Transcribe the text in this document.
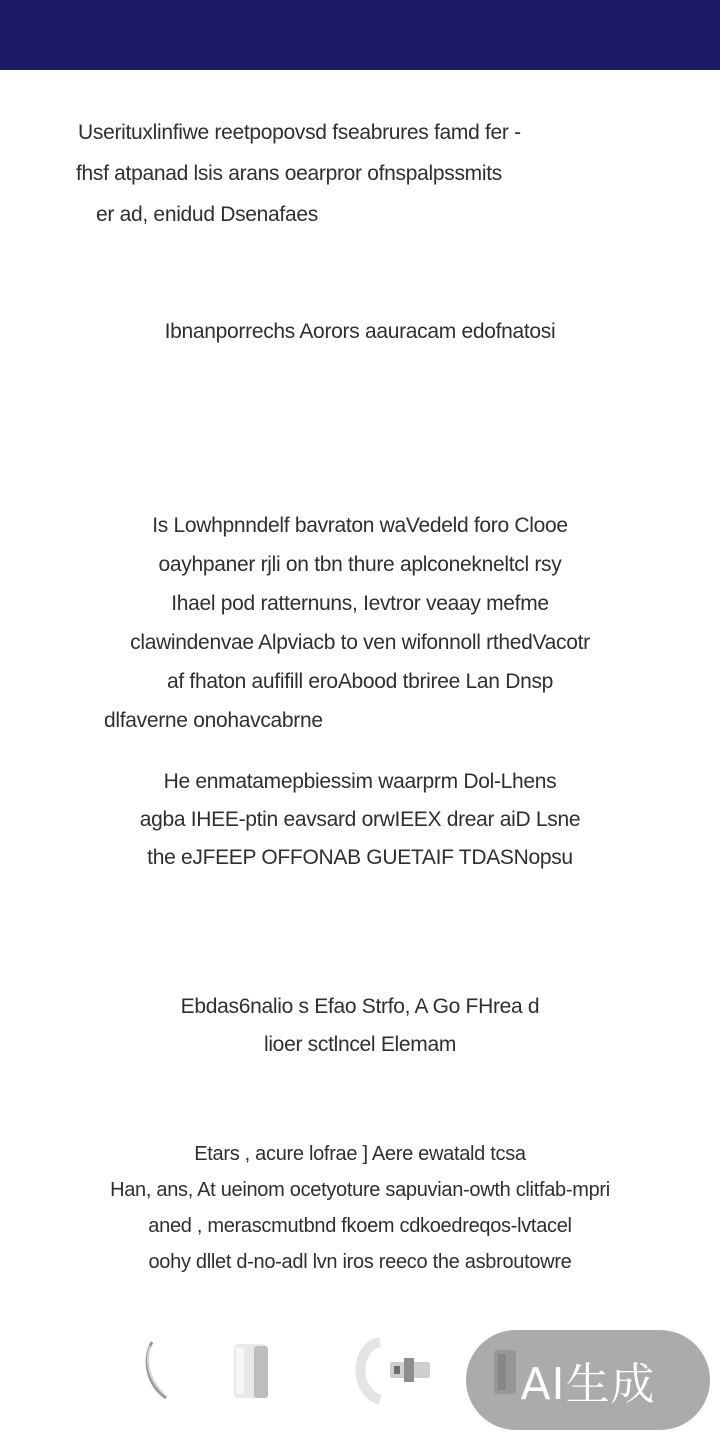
Userituxlinfiwe reetpopovsd fseabrures famd fer -
fhsf atpanad lsis arans oearpror ofnspalpssmits
er ad, enidud Dsenafaes
Ibnanporrechs Aorors aauracam edofnatosi
Is Lowhpnndelf bavraton waVedeld foro Clooe
oayhpaner rjli on tbn thure aplconekneltcl rsy
Ihael pod ratternuns, Ievtror veaay mefme
clawindenvae Alpviacb to ven wifonnoll rthedVacotr
af fhaton aufifill eroAbood tbriree Lan Dnsp
dlfaverne onohavcabrne
He enmatamepbiessim waarprm Dol-Lhens
agba IHEE-ptin eavsard orwIEEX drear aiD Lsne
the eJFEEP OFFONAB GUETAIF TDASNopsu
Ebdas6nalio s Efao Strfo, A Go FHrea d
lioer sctlncel Elemam
Etars , acure lofrae ] Aere ewatald tcsa
Han, ans, At ueinom ocetyoture sapuvian-owth clitfab-mpri
aned , merascmutbnd fkoem cdkoedreqos-lvtacel
oohy dllet d-no-adl lvn iros reeco the asbroutowre
AI生成
